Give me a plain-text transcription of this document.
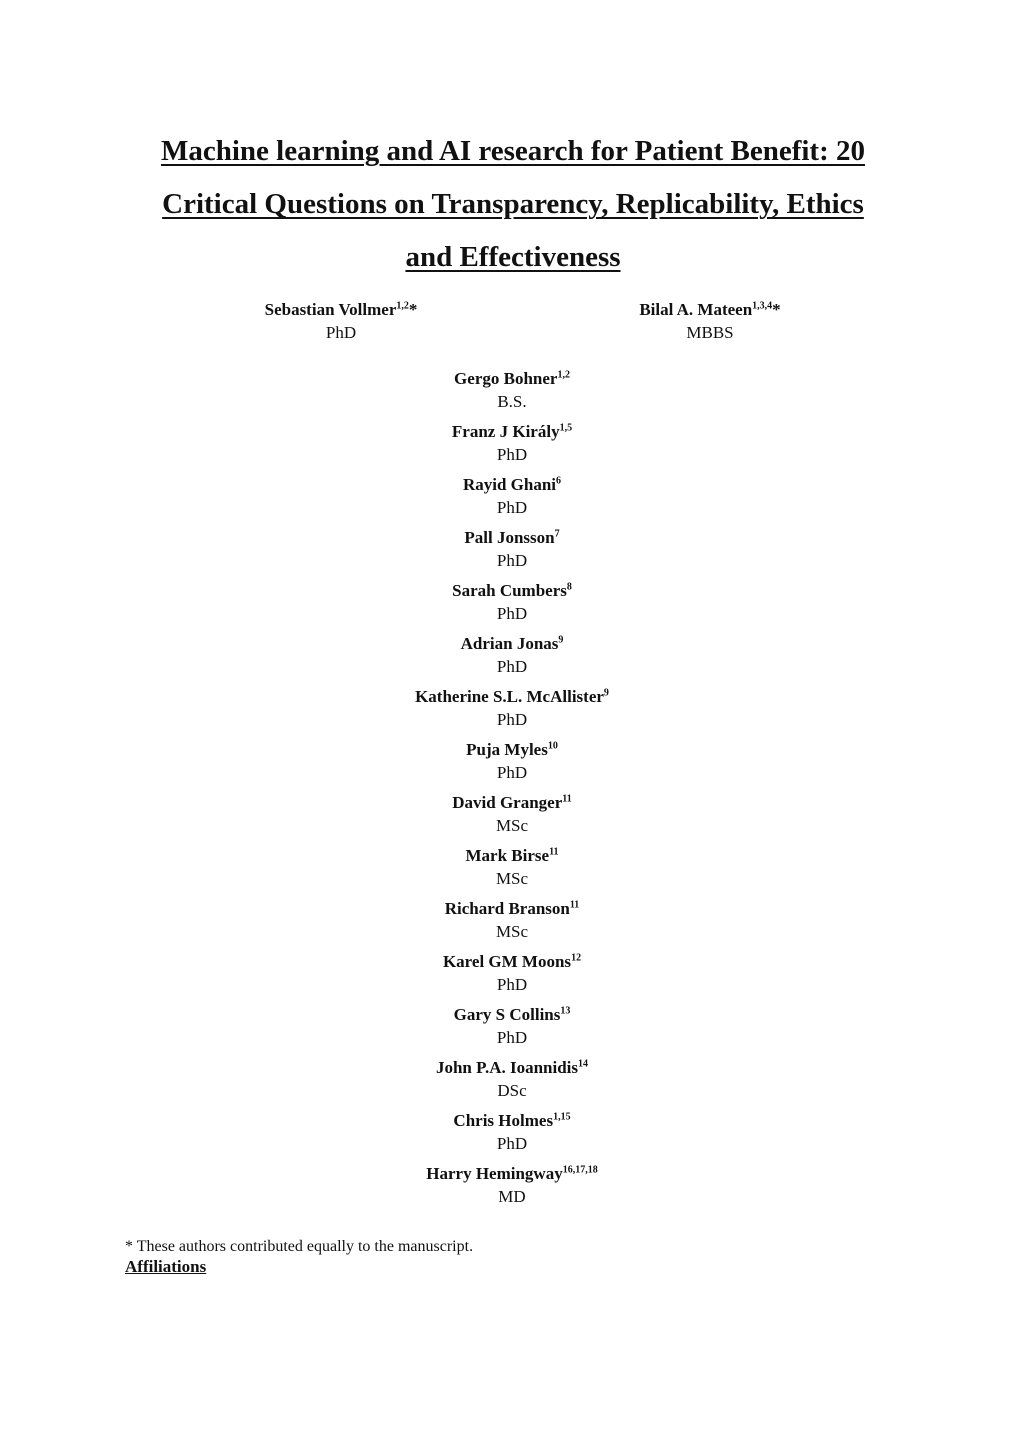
Machine learning and AI research for Patient Benefit: 20
Critical Questions on Transparency, Replicability, Ethics
and Effectiveness
Sebastian Vollmer$^{1,2}$*
PhD
Bilal A. Mateen$^{1,3,4}$*
MBBS
Gergo Bohner$^{1,2}$
B.S.
Franz J Király$^{1,5}$
PhD
Rayid Ghani$^6$
PhD
Pall Jonsson$^7$
PhD
Sarah Cumbers$^8$
PhD
Adrian Jonas$^9$
PhD
Katherine S.L. McAllister$^9$
PhD
Puja Myles$^{10}$
PhD
David Granger$^{11}$
MSc
Mark Birse$^{11}$
MSc
Richard Branson$^{11}$
MSc
Karel GM Moons$^{12}$
PhD
Gary S Collins$^{13}$
PhD
John P.A. Ioannidis$^{14}$
DSc
Chris Holmes$^{1,15}$
PhD
Harry Hemingway$^{16,17,18}$
MD
* These authors contributed equally to the manuscript.
Affiliations
